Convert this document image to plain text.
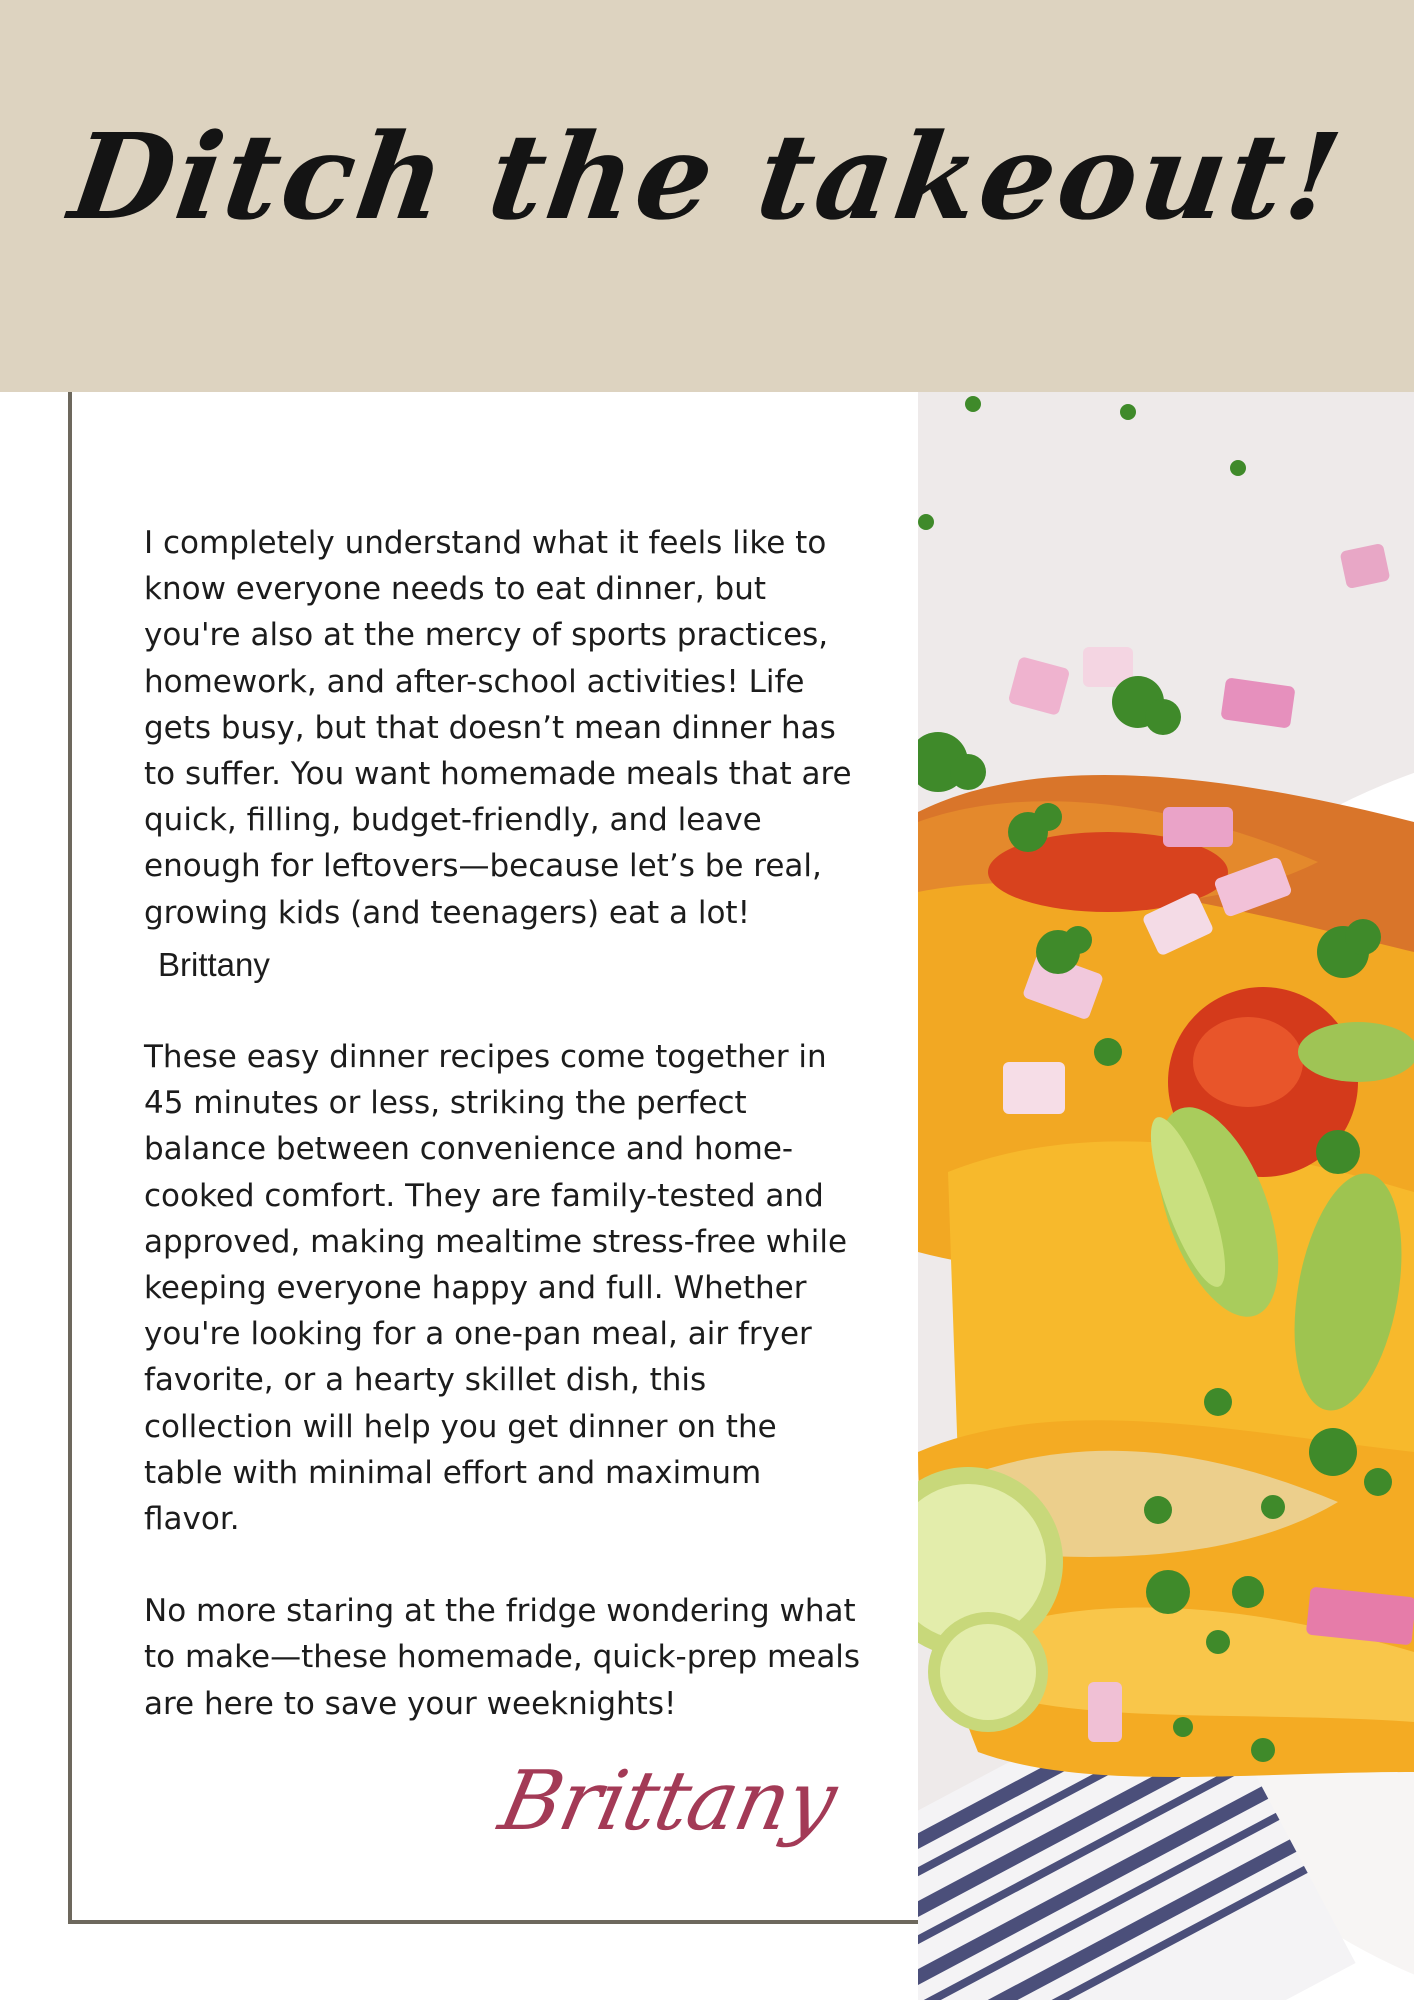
Ditch the takeout!

I completely understand what it feels like to know everyone needs to eat dinner, but you're also at the mercy of sports practices, homework, and after-school activities! Life gets busy, but that doesn’t mean dinner has to suffer. You want homemade meals that are quick, filling, budget-friendly, and leave enough for leftovers—because let’s be real, growing kids (and teenagers) eat a lot!Brittany

These easy dinner recipes come together in 45 minutes or less, striking the perfect balance between convenience and home-cooked comfort. They are family-tested and approved, making mealtime stress-free while keeping everyone happy and full. Whether you're looking for a one-pan meal, air fryer favorite, or a hearty skillet dish, this collection will help you get dinner on the table with minimal effort and maximum flavor.

No more staring at the fridge wondering what to make—these homemade, quick-prep meals are here to save your weeknights!

Brittany
